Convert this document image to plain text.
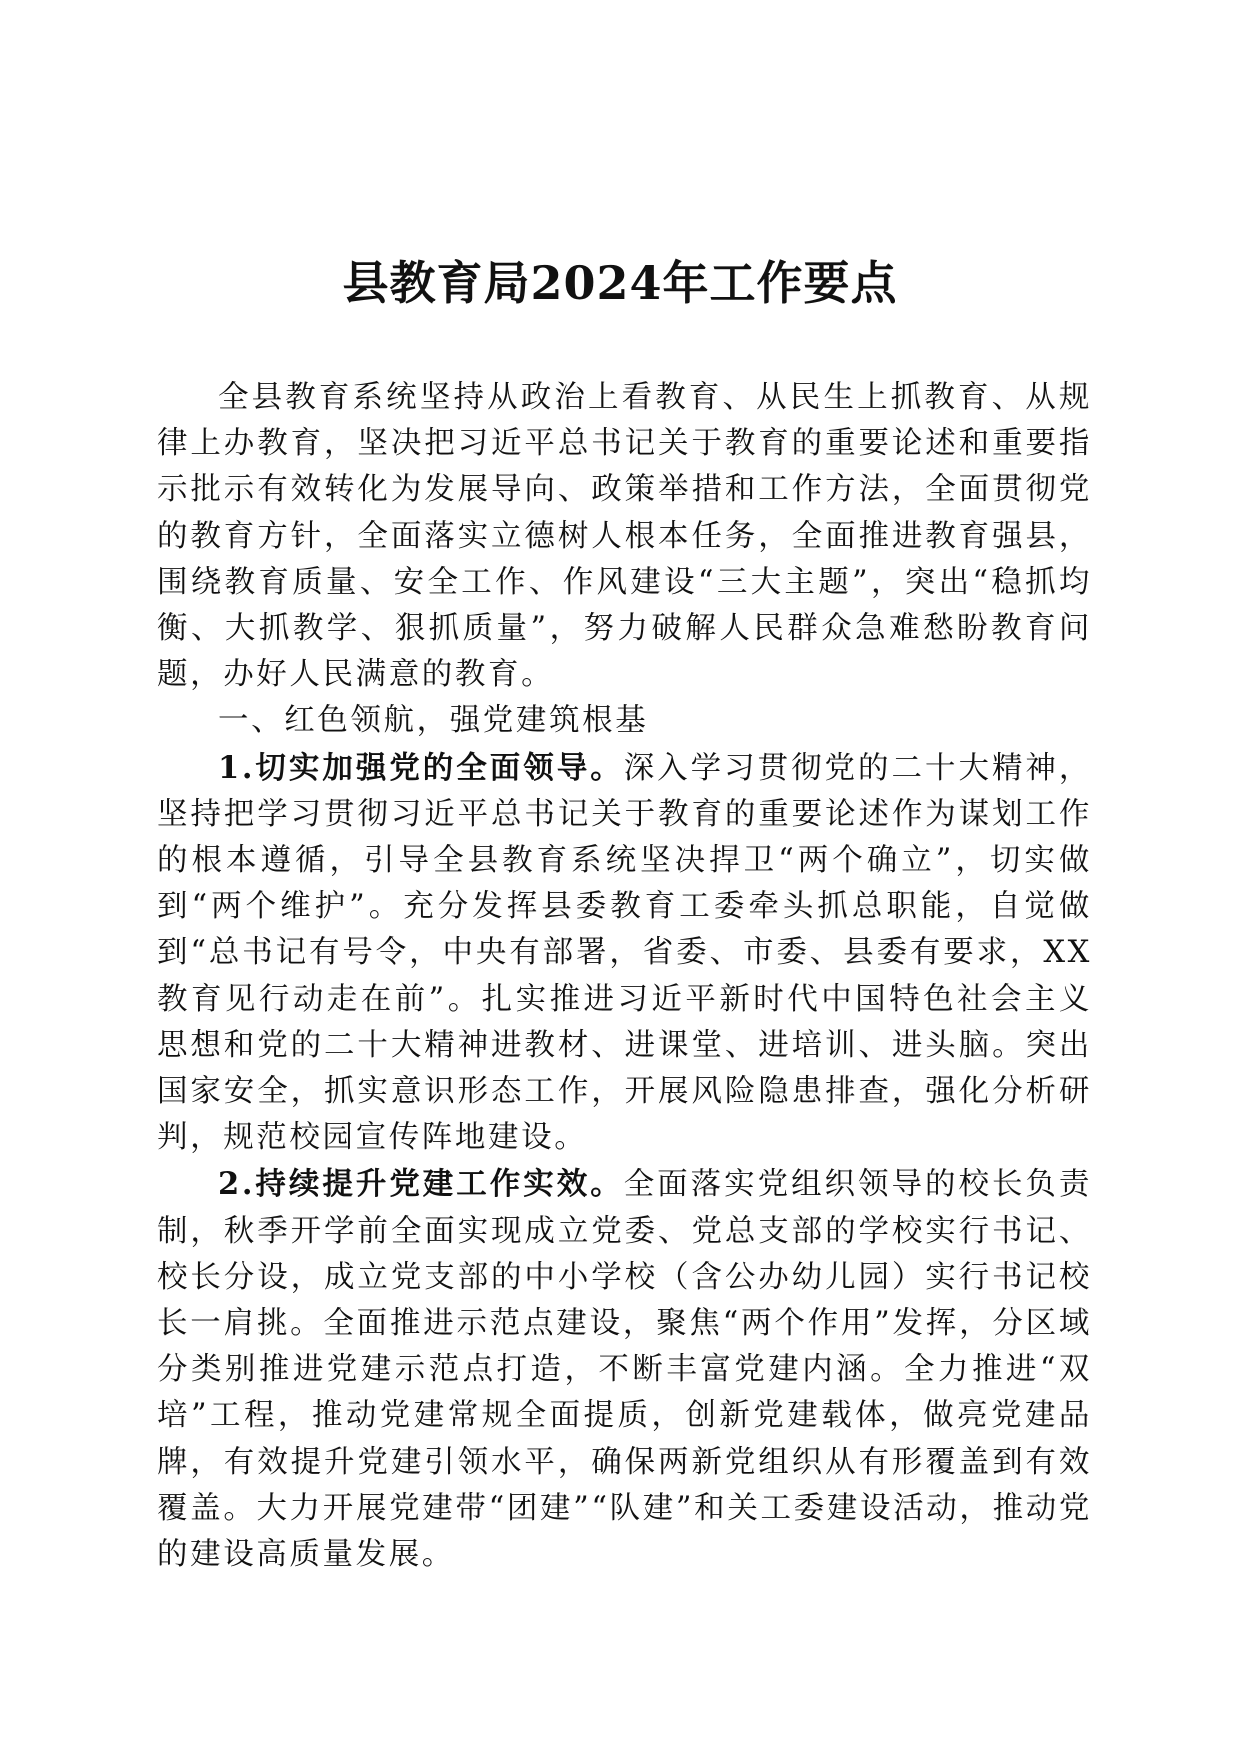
县教育局2024年工作要点

全县教育系统坚持从政治上看教育、从民生上抓教育、从规律上办教育，坚决把习近平总书记关于教育的重要论述和重要指示批示有效转化为发展导向、政策举措和工作方法，全面贯彻党的教育方针，全面落实立德树人根本任务，全面推进教育强县，围绕教育质量、安全工作、作风建设“三大主题”，突出“稳抓均衡、大抓教学、狠抓质量”，努力破解人民群众急难愁盼教育问题，办好人民满意的教育。

一、红色领航，强党建筑根基

1.切实加强党的全面领导。深入学习贯彻党的二十大精神，坚持把学习贯彻习近平总书记关于教育的重要论述作为谋划工作的根本遵循，引导全县教育系统坚决捍卫“两个确立”，切实做到“两个维护”。充分发挥县委教育工委牵头抓总职能，自觉做到“总书记有号令，中央有部署，省委、市委、县委有要求，XX教育见行动走在前”。扎实推进习近平新时代中国特色社会主义思想和党的二十大精神进教材、进课堂、进培训、进头脑。突出国家安全，抓实意识形态工作，开展风险隐患排查，强化分析研判，规范校园宣传阵地建设。

2.持续提升党建工作实效。全面落实党组织领导的校长负责制，秋季开学前全面实现成立党委、党总支部的学校实行书记、校长分设，成立党支部的中小学校（含公办幼儿园）实行书记校长一肩挑。全面推进示范点建设，聚焦“两个作用”发挥，分区域分类别推进党建示范点打造，不断丰富党建内涵。全力推进“双培”工程，推动党建常规全面提质，创新党建载体，做亮党建品牌，有效提升党建引领水平，确保两新党组织从有形覆盖到有效覆盖。大力开展党建带“团建”“队建”和关工委建设活动，推动党的建设高质量发展。
